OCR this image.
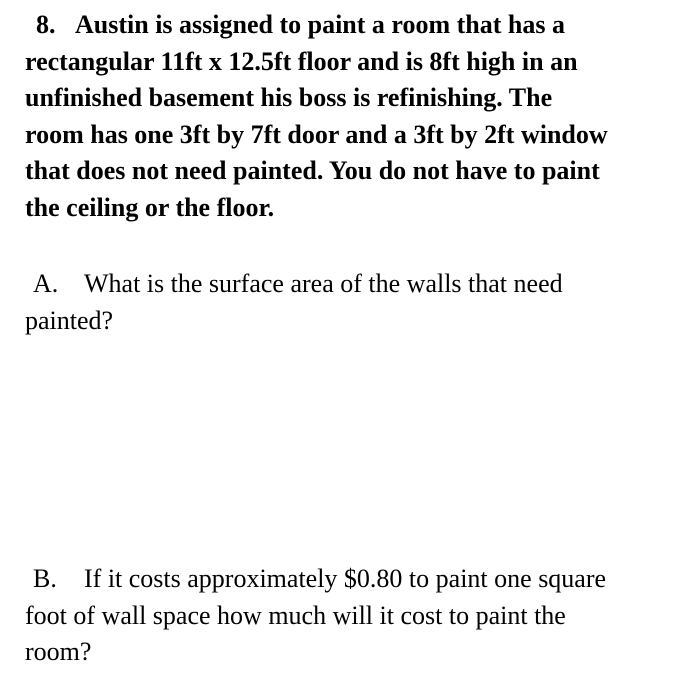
8. Austin is assigned to paint a room that has a
rectangular 11ft x 12.5ft floor and is 8ft high in an
unfinished basement his boss is refinishing. The
room has one 3ft by 7ft door and a 3ft by 2ft window
that does not need painted. You do not have to paint
the ceiling or the floor.
A. What is the surface area of the walls that need
painted?
B. If it costs approximately $0.80 to paint one square
foot of wall space how much will it cost to paint the
room?
